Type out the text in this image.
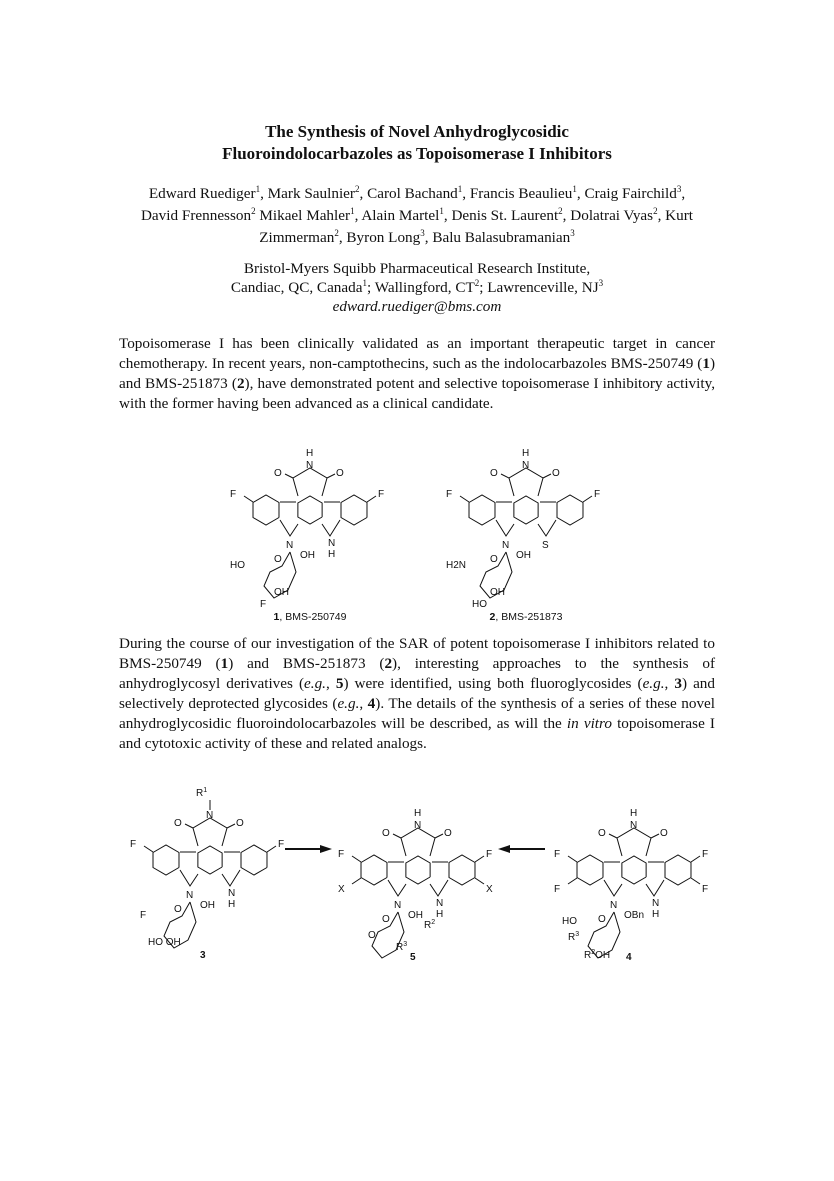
The Synthesis of Novel Anhydroglycosidic
Fluoroindolocarbazoles as Topoisomerase I Inhibitors
Edward Ruediger$^1$, Mark Saulnier$^2$, Carol Bachand$^1$, Francis Beaulieu$^1$, Craig Fairchild$^3$, David Frennesson$^2$ Mikael Mahler$^1$, Alain Martel$^1$, Denis St. Laurent$^2$, Dolatrai Vyas$^2$, Kurt Zimmerman$^2$, Byron Long$^3$, Balu Balasubramanian$^3$
Bristol-Myers Squibb Pharmaceutical Research Institute,
Candiac, QC, Canada$^1$; Wallingford, $CT^2$; Lawrenceville, $NJ^3$
edward.ruediger@bms.com
Topoisomerase I has been clinically validated as an important therapeutic target in cancer chemotherapy. In recent years, non-camptothecins, such as the indolocarbazoles BMS-250749 (1) and BMS-251873 (2), have demonstrated potent and selective topoisomerase I inhibitory activity, with the former having been advanced as a clinical candidate.
O	O
N
H
N	N
H
F	F
O OH
HO
OH
F
O	O
N
H
N	S
F	F
O OH
H2N
OH
HO
1, BMS-250749	2, BMS-251873
During the course of our investigation of the SAR of potent topoisomerase I inhibitors related to BMS-250749 (1) and BMS-251873 (2), interesting approaches to the synthesis of anhydroglycosyl derivatives (e.g., 5) were identified, using both fluoroglycosides (e.g., 3) and selectively deprotected glycosides (e.g., 4). The details of the synthesis of a series of these novel anhydroglycosidic fluoroindolocarbazoles will be described, as will the in vitro topoisomerase I and cytotoxic activity of these and related analogs.
O	O
N
N	N
H
F	F
O
$R^1$
OH
F
HO OH
3
O	O
N
H
N	N
H
F	F
X	X
O OH
O
$R^2$
$R^3$
5
O	O
N
H
N	N
H
F
F
F
F
O OBn
HO
$R^3$
$R^2OH$ 4
